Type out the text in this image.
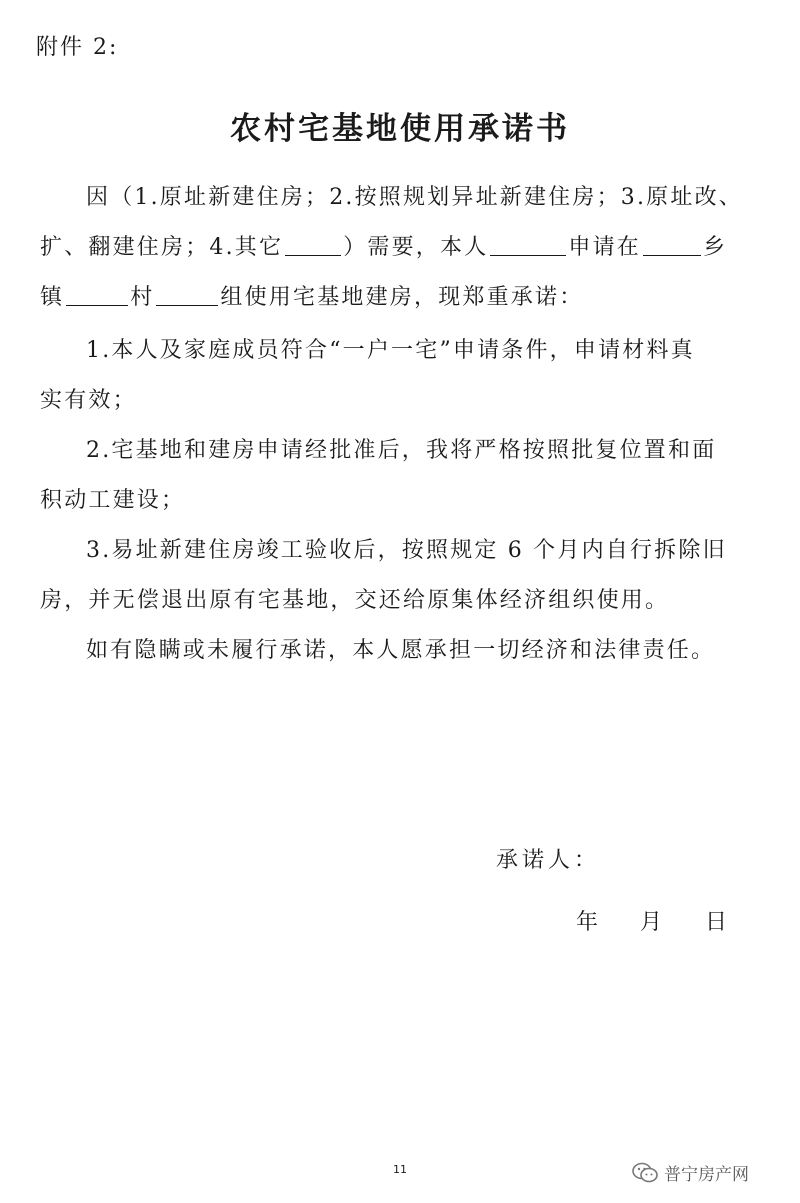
附件 2:
农村宅基地使用承诺书
因（1.原址新建住房；2.按照规划异址新建住房；3.原址改、
扩、翻建住房；4.其它	）需要，本人	申请在	乡
镇	村	组使用宅基地建房，现郑重承诺：
1.本人及家庭成员符合“一户一宅”申请条件，申请材料真
实有效；
2.宅基地和建房申请经批准后，我将严格按照批复位置和面
积动工建设；
3.易址新建住房竣工验收后，按照规定 6 个月内自行拆除旧
房，并无偿退出原有宅基地，交还给原集体经济组织使用。
如有隐瞒或未履行承诺，本人愿承担一切经济和法律责任。
承诺人：
年 月 日
11	普宁房产网
